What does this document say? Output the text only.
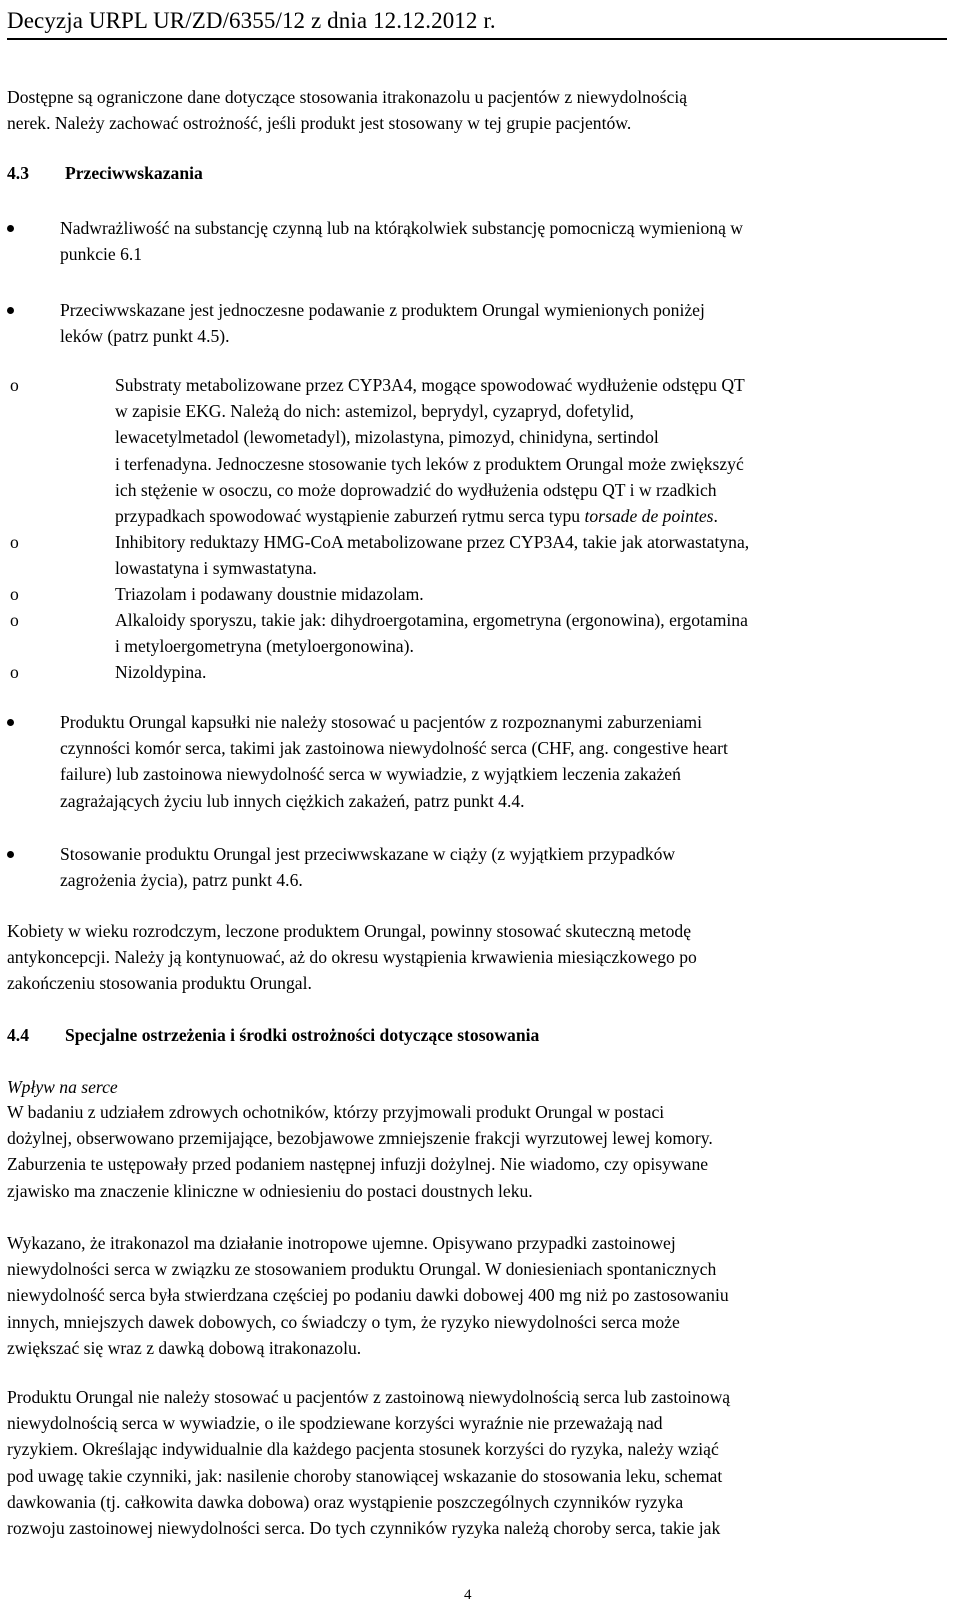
Decyzja URPL UR/ZD/6355/12 z dnia 12.12.2012 r.
Dostępne są ograniczone dane dotyczące stosowania itrakonazolu u pacjentów z niewydolnością
nerek. Należy zachować ostrożność, jeśli produkt jest stosowany w tej grupie pacjentów.
4.3 Przeciwwskazania
Nadwrażliwość na substancję czynną lub na którąkolwiek substancję pomocniczą wymienioną w
punkcie 6.1
Przeciwwskazane jest jednoczesne podawanie z produktem Orungal wymienionych poniżej
leków (patrz punkt 4.5).
o	Substraty metabolizowane przez CYP3A4, mogące spowodować wydłużenie odstępu QT
w zapisie EKG. Należą do nich: astemizol, beprydyl, cyzapryd, dofetylid,
lewacetylmetadol (lewometadyl), mizolastyna, pimozyd, chinidyna, sertindol
i terfenadyna. Jednoczesne stosowanie tych leków z produktem Orungal może zwiększyć
ich stężenie w osoczu, co może doprowadzić do wydłużenia odstępu QT i w rzadkich
przypadkach spowodować wystąpienie zaburzeń rytmu serca typu torsade de pointes.
o	Inhibitory reduktazy HMG-CoA metabolizowane przez CYP3A4, takie jak atorwastatyna,
lowastatyna i symwastatyna.
o	Triazolam i podawany doustnie midazolam.
o	Alkaloidy sporyszu, takie jak: dihydroergotamina, ergometryna (ergonowina), ergotamina
i metyloergometryna (metyloergonowina).
o	Nizoldypina.
Produktu Orungal kapsułki nie należy stosować u pacjentów z rozpoznanymi zaburzeniami
czynności komór serca, takimi jak zastoinowa niewydolność serca (CHF, ang. congestive heart
failure) lub zastoinowa niewydolność serca w wywiadzie, z wyjątkiem leczenia zakażeń
zagrażających życiu lub innych ciężkich zakażeń, patrz punkt 4.4.
Stosowanie produktu Orungal jest przeciwwskazane w ciąży (z wyjątkiem przypadków
zagrożenia życia), patrz punkt 4.6.
Kobiety w wieku rozrodczym, leczone produktem Orungal, powinny stosować skuteczną metodę
antykoncepcji. Należy ją kontynuować, aż do okresu wystąpienia krwawienia miesiączkowego po
zakończeniu stosowania produktu Orungal.
4.4 Specjalne ostrzeżenia i środki ostrożności dotyczące stosowania
Wpływ na serce
W badaniu z udziałem zdrowych ochotników, którzy przyjmowali produkt Orungal w postaci
dożylnej, obserwowano przemijające, bezobjawowe zmniejszenie frakcji wyrzutowej lewej komory.
Zaburzenia te ustępowały przed podaniem następnej infuzji dożylnej. Nie wiadomo, czy opisywane
zjawisko ma znaczenie kliniczne w odniesieniu do postaci doustnych leku.
Wykazano, że itrakonazol ma działanie inotropowe ujemne. Opisywano przypadki zastoinowej
niewydolności serca w związku ze stosowaniem produktu Orungal. W doniesieniach spontanicznych
niewydolność serca była stwierdzana częściej po podaniu dawki dobowej 400 mg niż po zastosowaniu
innych, mniejszych dawek dobowych, co świadczy o tym, że ryzyko niewydolności serca może
zwiększać się wraz z dawką dobową itrakonazolu.
Produktu Orungal nie należy stosować u pacjentów z zastoinową niewydolnością serca lub zastoinową
niewydolnością serca w wywiadzie, o ile spodziewane korzyści wyraźnie nie przeważają nad
ryzykiem. Określając indywidualnie dla każdego pacjenta stosunek korzyści do ryzyka, należy wziąć
pod uwagę takie czynniki, jak: nasilenie choroby stanowiącej wskazanie do stosowania leku, schemat
dawkowania (tj. całkowita dawka dobowa) oraz wystąpienie poszczególnych czynników ryzyka
rozwoju zastoinowej niewydolności serca. Do tych czynników ryzyka należą choroby serca, takie jak
4
